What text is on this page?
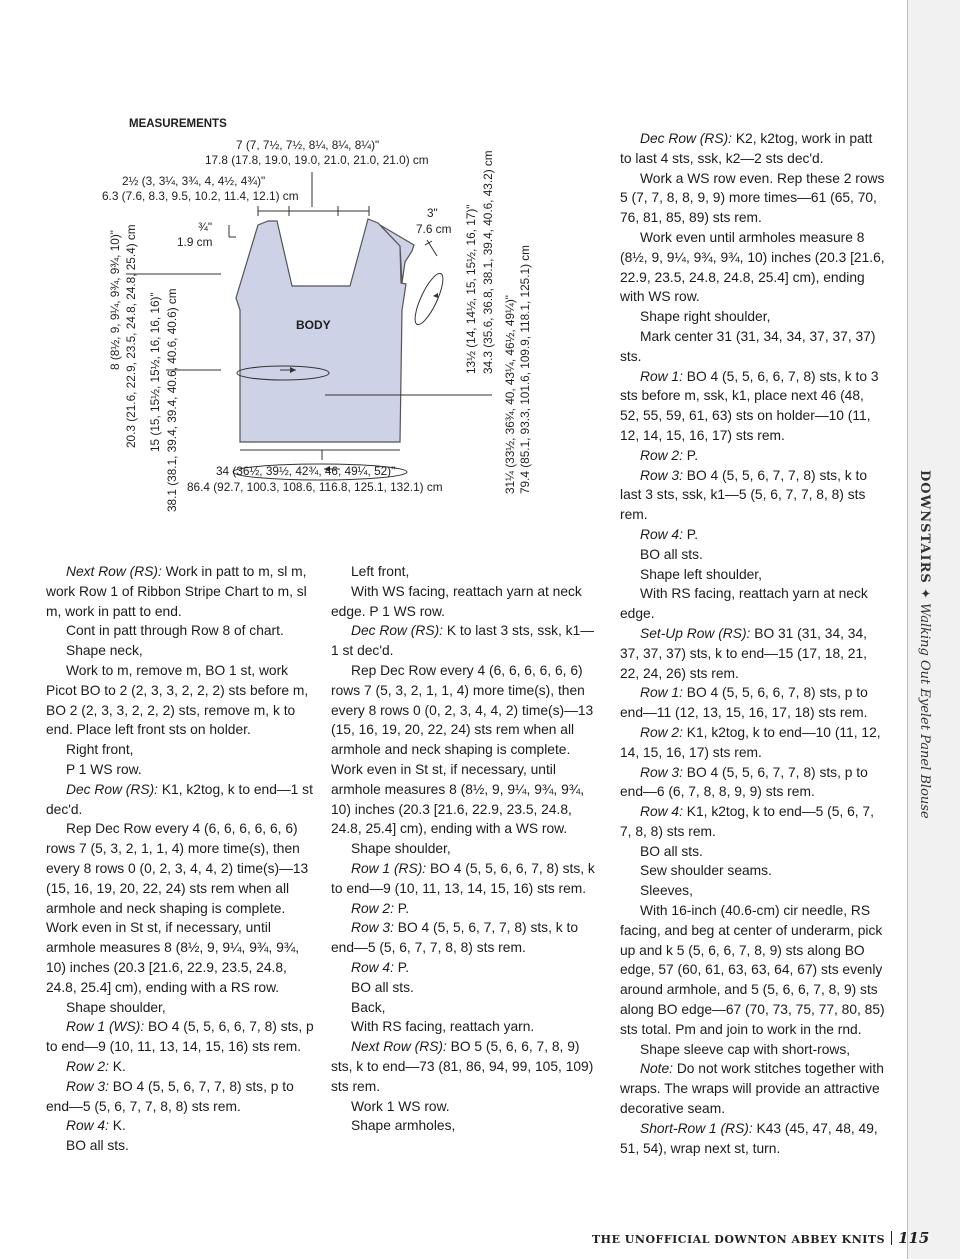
DOWNSTAIRS ✦ Walking Out Eyelet Panel Blouse
MEASUREMENTS
BODY
7 (7, 7½, 7½, 8¼, 8¼, 8¼)"
17.8 (17.8, 19.0, 19.0, 21.0, 21.0, 21.0) cm
2½ (3, 3¼, 3¾, 4, 4½, 4¾)"
6.3 (7.6, 8.3, 9.5, 10.2, 11.4, 12.1) cm
¾"
1.9 cm
3"
7.6 cm
34 (36½, 39½, 42¾, 46, 49¼, 52)"
86.4 (92.7, 100.3, 108.6, 116.8, 125.1, 132.1) cm
8 (8½, 9, 9¼, 9¾, 9¾, 10)" 20.3 (21.6, 22.9, 23.5, 24.8, 24.8, 25.4) cm 15 (15, 15½, 15½, 16, 16, 16)" 38.1 (38.1, 39.4, 39.4, 40.6, 40.6, 40.6) cm	13½ (14, 14½, 15, 15½, 16, 17)" 34.3 (35.6, 36.8, 38.1, 39.4, 40.6, 43.2) cm
31¼ (33½, 36¾, 40, 43¼, 46½, 49¼)" 79.4 (85.1, 93.3, 101.6, 109.9, 118.1, 125.1) cm

Next Row (RS): Work in patt to m, sl m, work Row 1 of Ribbon Stripe Chart to m, sl m, work in patt to end.

Cont in patt through Row 8 of chart.

Shape neck,

Work to m, remove m, BO 1 st, work Picot BO to 2 (2, 3, 3, 2, 2, 2) sts before m, BO 2 (2, 3, 3, 2, 2, 2) sts, remove m, k to end. Place left front sts on holder.

Right front,

P 1 WS row.

Dec Row (RS): K1, k2tog, k to end—1 st dec'd.

Rep Dec Row every 4 (6, 6, 6, 6, 6, 6) rows 7 (5, 3, 2, 1, 1, 4) more time(s), then every 8 rows 0 (0, 2, 3, 4, 4, 2) time(s)—13 (15, 16, 19, 20, 22, 24) sts rem when all armhole and neck shaping is complete. Work even in St st, if necessary, until armhole measures 8 (8½, 9, 9¼, 9¾, 9¾, 10) inches (20.3 [21.6, 22.9, 23.5, 24.8, 24.8, 25.4] cm), ending with a RS row.

Shape shoulder,

Row 1 (WS): BO 4 (5, 5, 6, 6, 7, 8) sts, p to end—9 (10, 11, 13, 14, 15, 16) sts rem.

Row 2: K.

Row 3: BO 4 (5, 5, 6, 7, 7, 8) sts, p to end—5 (5, 6, 7, 7, 8, 8) sts rem.

Row 4: K.

BO all sts.

Left front,

With WS facing, reattach yarn at neck edge. P 1 WS row.

Dec Row (RS): K to last 3 sts, ssk, k1—1 st dec'd.

Rep Dec Row every 4 (6, 6, 6, 6, 6, 6) rows 7 (5, 3, 2, 1, 1, 4) more time(s), then every 8 rows 0 (0, 2, 3, 4, 4, 2) time(s)—13 (15, 16, 19, 20, 22, 24) sts rem when all armhole and neck shaping is complete. Work even in St st, if necessary, until armhole measures 8 (8½, 9, 9¼, 9¾, 9¾, 10) inches (20.3 [21.6, 22.9, 23.5, 24.8, 24.8, 25.4] cm), ending with a WS row.

Shape shoulder,

Row 1 (RS): BO 4 (5, 5, 6, 6, 7, 8) sts, k to end—9 (10, 11, 13, 14, 15, 16) sts rem.

Row 2: P.

Row 3: BO 4 (5, 5, 6, 7, 7, 8) sts, k to end—5 (5, 6, 7, 7, 8, 8) sts rem.

Row 4: P.

BO all sts.

Back,

With RS facing, reattach yarn.

Next Row (RS): BO 5 (5, 6, 6, 7, 8, 9) sts, k to end—73 (81, 86, 94, 99, 105, 109) sts rem.

Work 1 WS row.

Shape armholes,

Dec Row (RS): K2, k2tog, work in patt to last 4 sts, ssk, k2—2 sts dec'd.

Work a WS row even. Rep these 2 rows 5 (7, 7, 8, 8, 9, 9) more times—61 (65, 70, 76, 81, 85, 89) sts rem.

Work even until armholes measure 8 (8½, 9, 9¼, 9¾, 9¾, 10) inches (20.3 [21.6, 22.9, 23.5, 24.8, 24.8, 25.4] cm), ending with WS row.

Shape right shoulder,

Mark center 31 (31, 34, 34, 37, 37, 37) sts.

Row 1: BO 4 (5, 5, 6, 6, 7, 8) sts, k to 3 sts before m, ssk, k1, place next 46 (48, 52, 55, 59, 61, 63) sts on holder—10 (11, 12, 14, 15, 16, 17) sts rem.

Row 2: P.

Row 3: BO 4 (5, 5, 6, 7, 7, 8) sts, k to last 3 sts, ssk, k1—5 (5, 6, 7, 7, 8, 8) sts rem.

Row 4: P.

BO all sts.

Shape left shoulder,

With RS facing, reattach yarn at neck edge.

Set-Up Row (RS): BO 31 (31, 34, 34, 37, 37, 37) sts, k to end—15 (17, 18, 21, 22, 24, 26) sts rem.

Row 1: BO 4 (5, 5, 6, 6, 7, 8) sts, p to end—11 (12, 13, 15, 16, 17, 18) sts rem.

Row 2: K1, k2tog, k to end—10 (11, 12, 14, 15, 16, 17) sts rem.

Row 3: BO 4 (5, 5, 6, 7, 7, 8) sts, p to end—6 (6, 7, 8, 8, 9, 9) sts rem.

Row 4: K1, k2tog, k to end—5 (5, 6, 7, 7, 8, 8) sts rem.

BO all sts.

Sew shoulder seams.

Sleeves,

With 16-inch (40.6-cm) cir needle, RS facing, and beg at center of underarm, pick up and k 5 (5, 6, 6, 7, 8, 9) sts along BO edge, 57 (60, 61, 63, 63, 64, 67) sts evenly around armhole, and 5 (5, 6, 6, 7, 8, 9) sts along BO edge—67 (70, 73, 75, 77, 80, 85) sts total. Pm and join to work in the rnd.

Shape sleeve cap with short-rows,

Note: Do not work stitches together with wraps. The wraps will provide an attractive decorative seam.

Short-Row 1 (RS): K43 (45, 47, 48, 49, 51, 54), wrap next st, turn.

THE UNOFFICIAL DOWNTON ABBEY KNITS 115
